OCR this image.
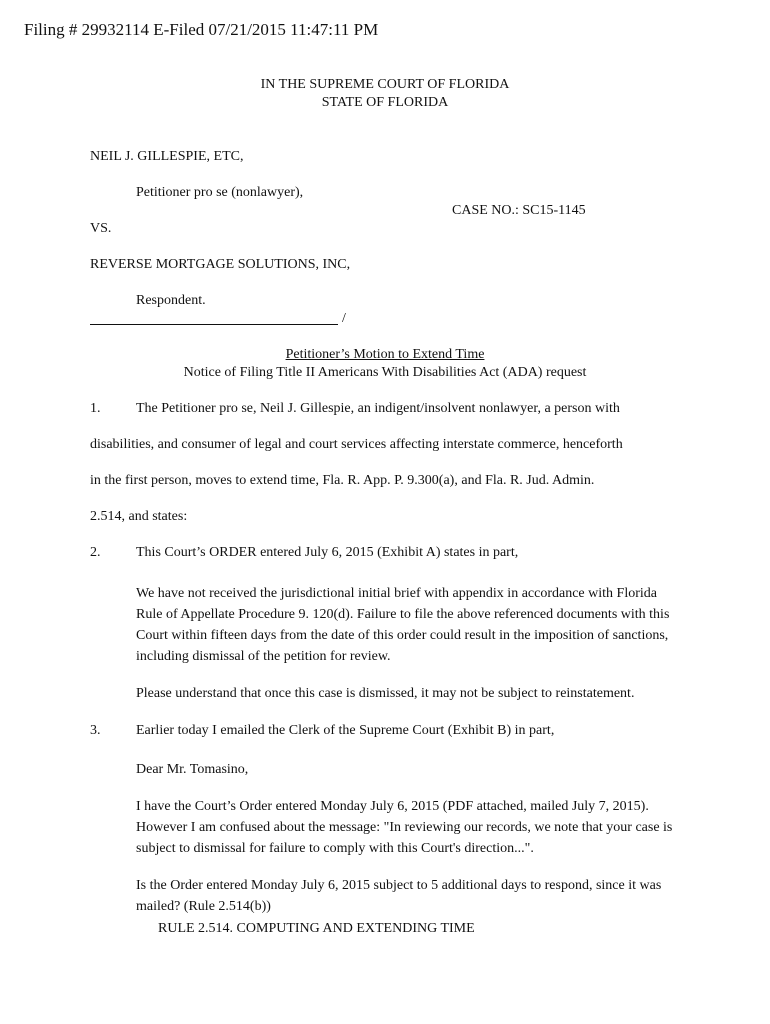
Filing # 29932114 E-Filed 07/21/2015 11:47:11 PM
IN THE SUPREME COURT OF FLORIDA
STATE OF FLORIDA
NEIL J. GILLESPIE, ETC,
Petitioner pro se (nonlawyer),
CASE NO.: SC15-1145
VS.
REVERSE MORTGAGE SOLUTIONS, INC,
Respondent.
/
Petitioner’s Motion to Extend Time
Notice of Filing Title II Americans With Disabilities Act (ADA) request
1.	The Petitioner pro se, Neil J. Gillespie, an indigent/insolvent nonlawyer, a person with
disabilities, and consumer of legal and court services affecting interstate commerce, henceforth
in the first person, moves to extend time, Fla. R. App. P. 9.300(a), and Fla. R. Jud. Admin.
2.514, and states:
2.	This Court’s ORDER entered July 6, 2015 (Exhibit A) states in part,

We have not received the jurisdictional initial brief with appendix in accordance with Florida Rule of Appellate Procedure 9. 120(d). Failure to file the above referenced documents with this Court within fifteen days from the date of this order could result in the imposition of sanctions, including dismissal of the petition for review.

Please understand that once this case is dismissed, it may not be subject to reinstatement.

3.	Earlier today I emailed the Clerk of the Supreme Court (Exhibit B) in part,

Dear Mr. Tomasino,

I have the Court’s Order entered Monday July 6, 2015 (PDF attached, mailed July 7, 2015). However I am confused about the message: "In reviewing our records, we note that your case is subject to dismissal for failure to comply with this Court's direction...".

Is the Order entered Monday July 6, 2015 subject to 5 additional days to respond, since it was mailed? (Rule 2.514(b))

RULE 2.514. COMPUTING AND EXTENDING TIME
